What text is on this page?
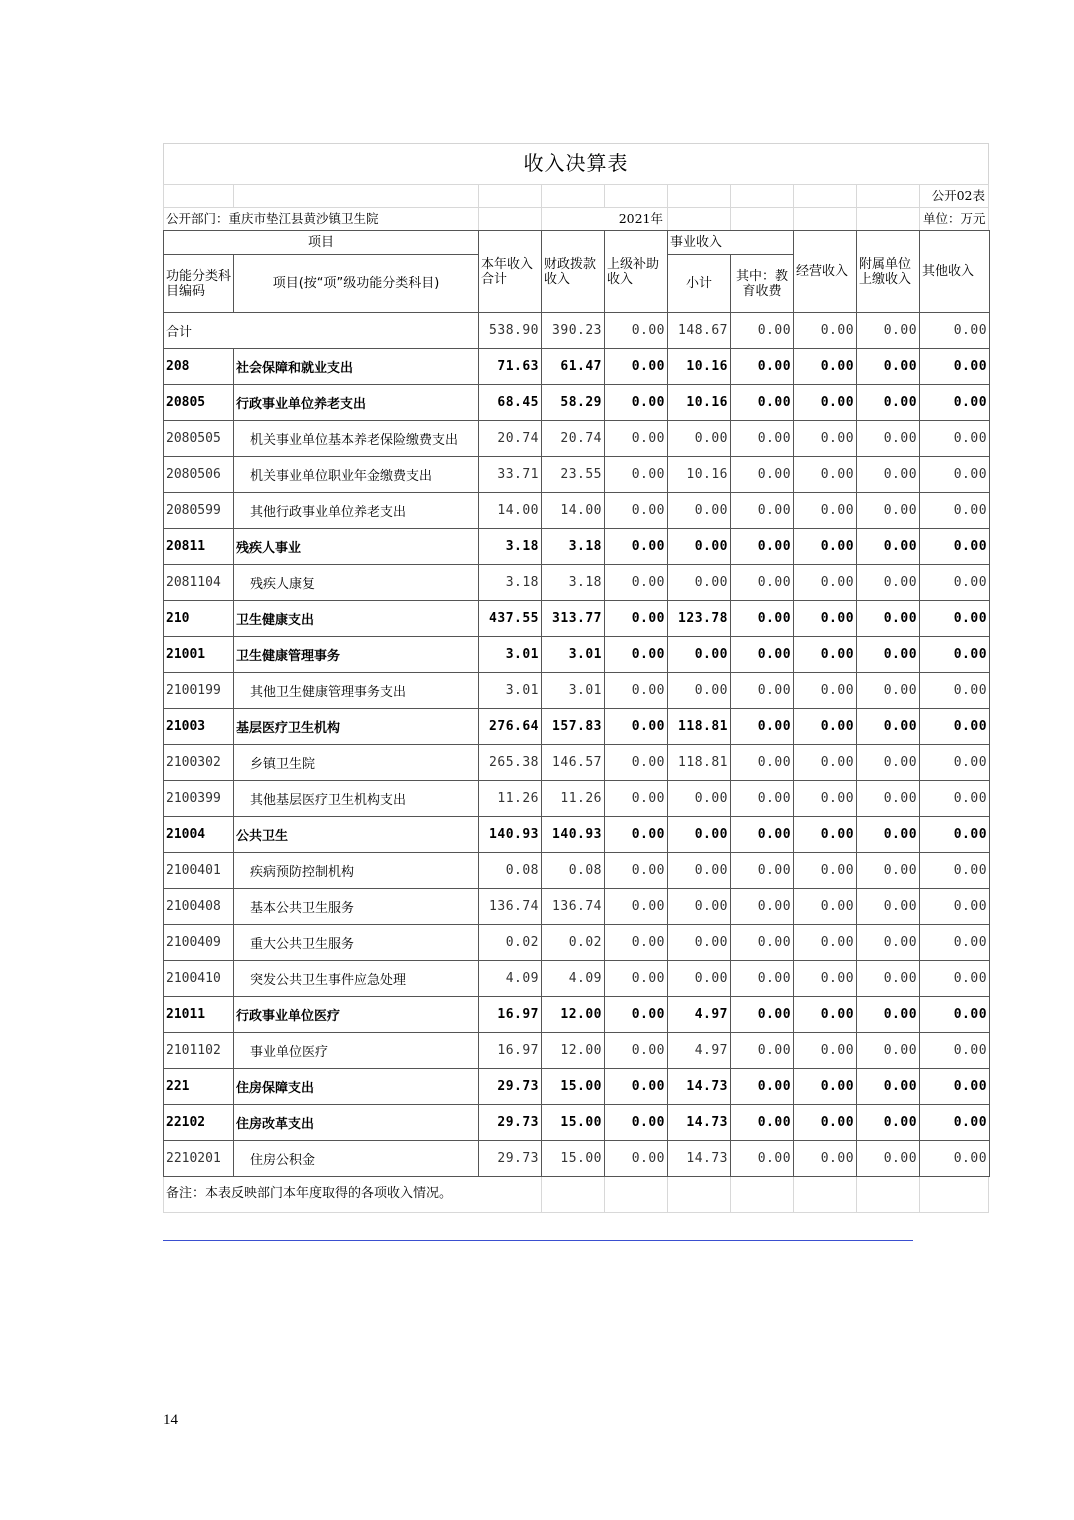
收入决算表
公开02表
公开部门：重庆市垫江县黄沙镇卫生院	2021年	单位：万元
项目		本年收入合计	财政拨款收入	上级补助收入	事业收入		经营收入	附属单位上缴收入	其他收入
功能分类科目编码	项目(按“项”级功能分类科目)				小计	其中：教育收费			

合计		538.90	390.23	0.00	148.67	0.00	0.00	0.00	0.00
208	社会保障和就业支出	71.63	61.47	0.00	10.16	0.00	0.00	0.00	0.00
20805	行政事业单位养老支出	68.45	58.29	0.00	10.16	0.00	0.00	0.00	0.00
2080505	机关事业单位基本养老保险缴费支出	20.74	20.74	0.00	0.00	0.00	0.00	0.00	0.00
2080506	机关事业单位职业年金缴费支出	33.71	23.55	0.00	10.16	0.00	0.00	0.00	0.00
2080599	其他行政事业单位养老支出	14.00	14.00	0.00	0.00	0.00	0.00	0.00	0.00
20811	残疾人事业	3.18	3.18	0.00	0.00	0.00	0.00	0.00	0.00
2081104	残疾人康复	3.18	3.18	0.00	0.00	0.00	0.00	0.00	0.00
210	卫生健康支出	437.55	313.77	0.00	123.78	0.00	0.00	0.00	0.00
21001	卫生健康管理事务	3.01	3.01	0.00	0.00	0.00	0.00	0.00	0.00
2100199	其他卫生健康管理事务支出	3.01	3.01	0.00	0.00	0.00	0.00	0.00	0.00
21003	基层医疗卫生机构	276.64	157.83	0.00	118.81	0.00	0.00	0.00	0.00
2100302	乡镇卫生院	265.38	146.57	0.00	118.81	0.00	0.00	0.00	0.00
2100399	其他基层医疗卫生机构支出	11.26	11.26	0.00	0.00	0.00	0.00	0.00	0.00
21004	公共卫生	140.93	140.93	0.00	0.00	0.00	0.00	0.00	0.00
2100401	疾病预防控制机构	0.08	0.08	0.00	0.00	0.00	0.00	0.00	0.00
2100408	基本公共卫生服务	136.74	136.74	0.00	0.00	0.00	0.00	0.00	0.00
2100409	重大公共卫生服务	0.02	0.02	0.00	0.00	0.00	0.00	0.00	0.00
2100410	突发公共卫生事件应急处理	4.09	4.09	0.00	0.00	0.00	0.00	0.00	0.00
21011	行政事业单位医疗	16.97	12.00	0.00	4.97	0.00	0.00	0.00	0.00
2101102	事业单位医疗	16.97	12.00	0.00	4.97	0.00	0.00	0.00	0.00
221	住房保障支出	29.73	15.00	0.00	14.73	0.00	0.00	0.00	0.00
22102	住房改革支出	29.73	15.00	0.00	14.73	0.00	0.00	0.00	0.00
2210201	住房公积金	29.73	15.00	0.00	14.73	0.00	0.00	0.00	0.00
备注：本表反映部门本年度取得的各项收入情况。
14
